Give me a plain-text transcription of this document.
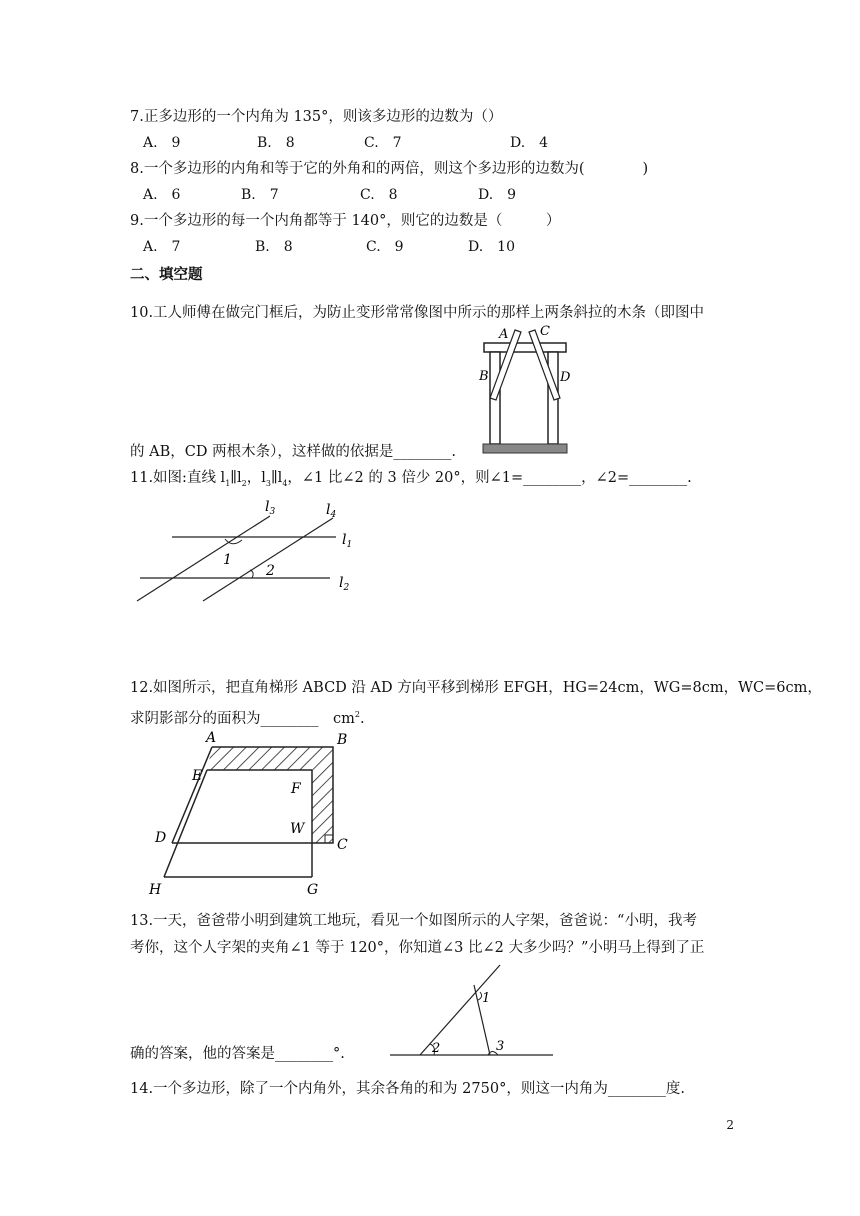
7.正多边形的一个内角为 135°，则该多边形的边数为（）
A.　9	B.　8	C.　7	D.　4
8.一个多边形的内角和等于它的外角和的两倍，则这个多边形的边数为(　　　　)
A.　6	B.　7	C.　8	D.　9
9.一个多边形的每一个内角都等于 140°，则它的边数是（　　　）
A.　7	B.　8	C.　9	D.　10
二、填空题
10.工人师傅在做完门框后，为防止变形常常像图中所示的那样上两条斜拉的木条（即图中
A C
B	D
的 AB，CD 两根木条），这样做的依据是________.
11.如图:直线 $l_1\parallel l_2$，$l_3\parallel l_4$，∠1 比∠2 的 3 倍少 20°，则∠1=________，∠2=________.
1
2
$l_3$	$l_4$
$l_1$
$l_2$
12.如图所示，把直角梯形 ABCD 沿 AD 方向平移到梯形 EFGH，HG=24cm，WG=8cm，WC=6cm，
求阴影部分的面积为________　$cm^2$.
A	B
E
F
D
W
C
H	G
13.一天，爸爸带小明到建筑工地玩，看见一个如图所示的人字架，爸爸说：“小明，我考
考你，这个人字架的夹角∠1 等于 120°，你知道∠3 比∠2 大多少吗？”小明马上得到了正
1
2	3
确的答案，他的答案是________°.
14.一个多边形，除了一个内角外，其余各角的和为 2750°，则这一内角为________度.
2
